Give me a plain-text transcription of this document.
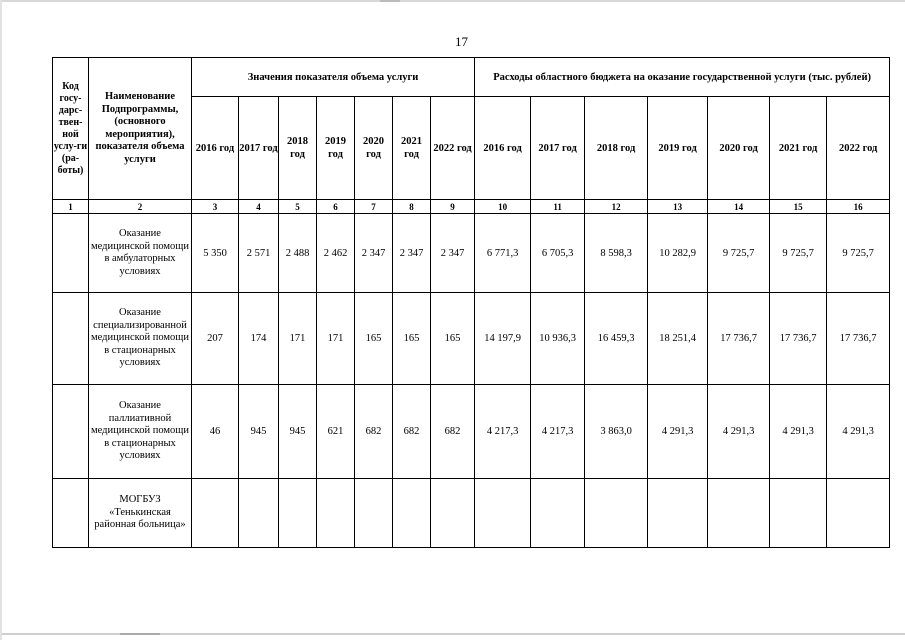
17
Код госу-дарс-твен-ной услу-ги (ра-боты)	Наименование Подпрограммы, (основного мероприятия), показателя объема услуги	Значения показателя объема услуги							Расходы областного бюджета на оказание государственной услуги (тыс. рублей)						
		2016 год	2017 год	2018 год	2019 год	2020 год	2021 год	2022 год	2016 год	2017 год	2018 год	2019 год	2020 год	2021 год	2022 год
1	2	3	4	5	6	7	8	9	10	11	12	13	14	15	16
	Оказание медицинской помощи в амбулаторных условиях	5 350	2 571	2 488	2 462	2 347	2 347	2 347	6 771,3	6 705,3	8 598,3	10 282,9	9 725,7	9 725,7	9 725,7
	Оказание специализированной медицинской помощи в стационарных условиях	207	174	171	171	165	165	165	14 197,9	10 936,3	16 459,3	18 251,4	17 736,7	17 736,7	17 736,7
	Оказание паллиативной медицинской помощи в стационарных условиях	46	945	945	621	682	682	682	4 217,3	4 217,3	3 863,0	4 291,3	4 291,3	4 291,3	4 291,3
	МОГБУЗ «Тенькинская районная больница»														
